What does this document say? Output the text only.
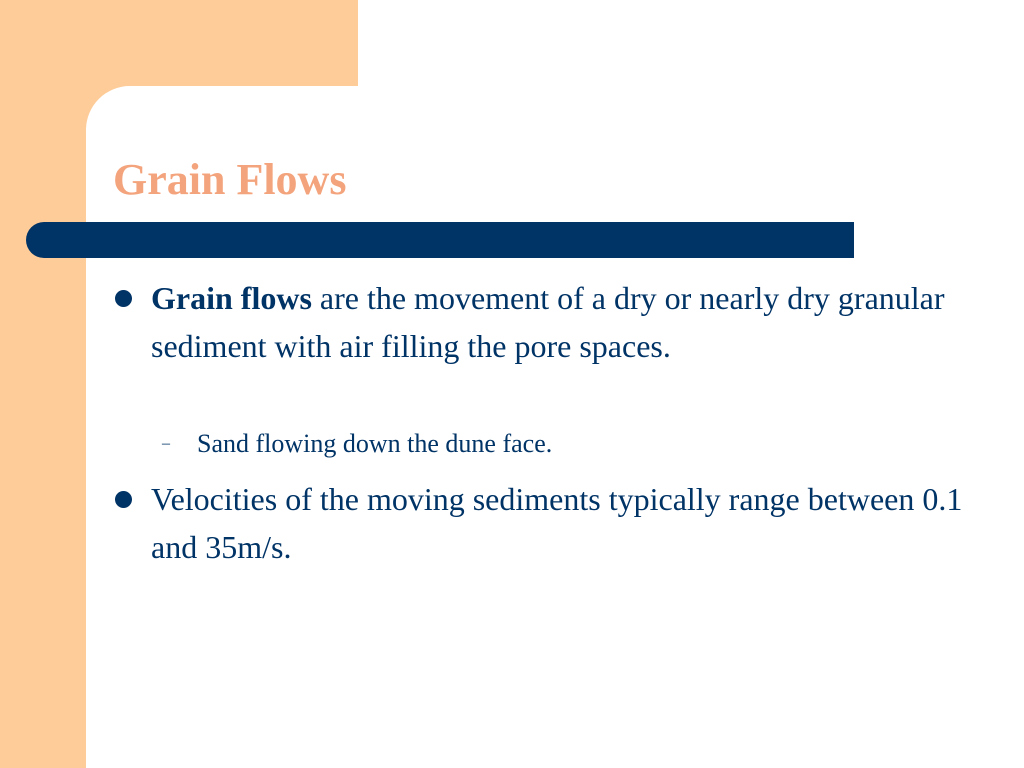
Grain Flows

Grain flows are the movement of a dry or nearly dry granular sediment with air filling the pore spaces.

– Sand flowing down the dune face.

Velocities of the moving sediments typically range between 0.1 and 35m/s.
